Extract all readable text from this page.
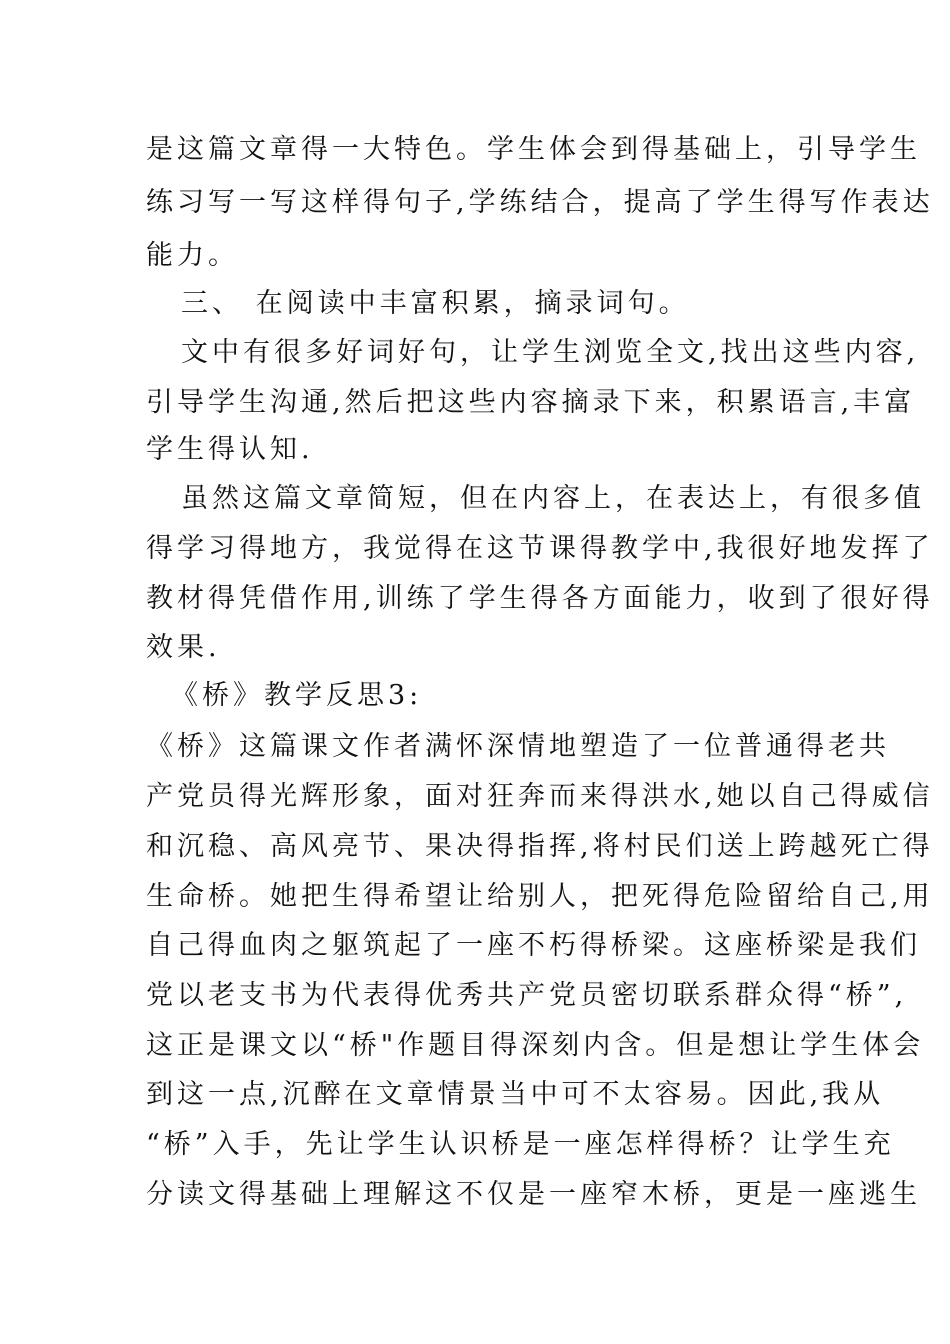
是这篇文章得一大特色。学生体会到得基础上，引导学生
练习写一写这样得句子,学练结合，提高了学生得写作表达
能力。
三、 在阅读中丰富积累，摘录词句。
文中有很多好词好句，让学生浏览全文,找出这些内容,
引导学生沟通,然后把这些内容摘录下来，积累语言,丰富
学生得认知.
虽然这篇文章简短，但在内容上，在表达上，有很多值
得学习得地方，我觉得在这节课得教学中,我很好地发挥了
教材得凭借作用,训练了学生得各方面能力，收到了很好得
效果.
《桥》教学反思3:
《桥》这篇课文作者满怀深情地塑造了一位普通得老共
产党员得光辉形象，面对狂奔而来得洪水,她以自己得威信
和沉稳、高风亮节、果决得指挥,将村民们送上跨越死亡得
生命桥。她把生得希望让给别人，把死得危险留给自己,用
自己得血肉之躯筑起了一座不朽得桥梁。这座桥梁是我们
党以老支书为代表得优秀共产党员密切联系群众得“桥”,
这正是课文以“桥"作题目得深刻内含。但是想让学生体会
到这一点,沉醉在文章情景当中可不太容易。因此,我从
“桥”入手，先让学生认识桥是一座怎样得桥？让学生充
分读文得基础上理解这不仅是一座窄木桥，更是一座逃生
